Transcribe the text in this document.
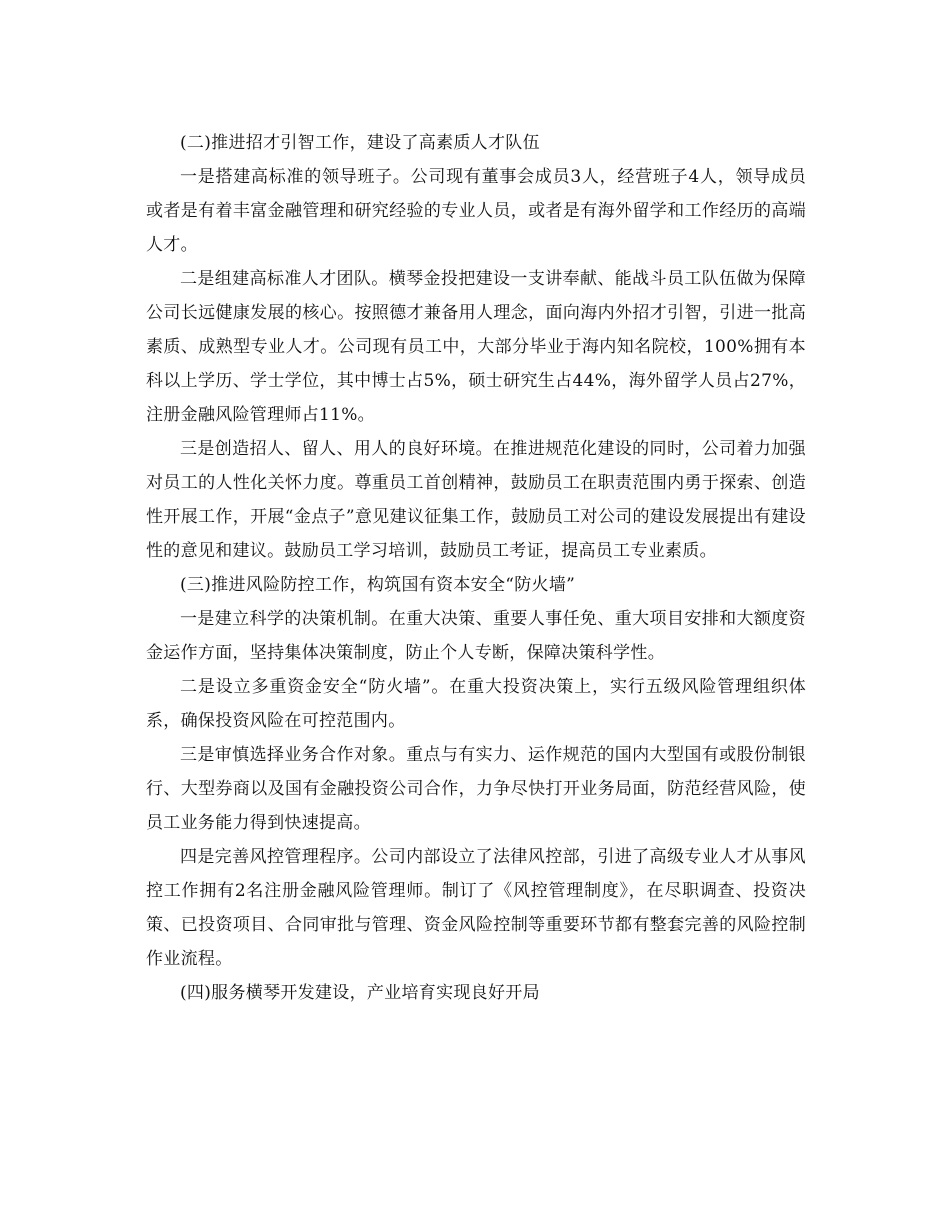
(二)推进招才引智工作，建设了高素质人才队伍

一是搭建高标准的领导班子。公司现有董事会成员3人，经营班子4人，领导成员或者是有着丰富金融管理和研究经验的专业人员，或者是有海外留学和工作经历的高端人才。

二是组建高标准人才团队。横琴金投把建设一支讲奉献、能战斗员工队伍做为保障公司长远健康发展的核心。按照德才兼备用人理念，面向海内外招才引智，引进一批高素质、成熟型专业人才。公司现有员工中，大部分毕业于海内知名院校，100%拥有本科以上学历、学士学位，其中博士占5%，硕士研究生占44%，海外留学人员占27%，注册金融风险管理师占11%。

三是创造招人、留人、用人的良好环境。在推进规范化建设的同时，公司着力加强对员工的人性化关怀力度。尊重员工首创精神，鼓励员工在职责范围内勇于探索、创造性开展工作，开展“金点子”意见建议征集工作，鼓励员工对公司的建设发展提出有建设性的意见和建议。鼓励员工学习培训，鼓励员工考证，提高员工专业素质。

(三)推进风险防控工作，构筑国有资本安全“防火墙”

一是建立科学的决策机制。在重大决策、重要人事任免、重大项目安排和大额度资金运作方面，坚持集体决策制度，防止个人专断，保障决策科学性。

二是设立多重资金安全“防火墙”。在重大投资决策上，实行五级风险管理组织体系，确保投资风险在可控范围内。

三是审慎选择业务合作对象。重点与有实力、运作规范的国内大型国有或股份制银行、大型券商以及国有金融投资公司合作，力争尽快打开业务局面，防范经营风险，使员工业务能力得到快速提高。

四是完善风控管理程序。公司内部设立了法律风控部，引进了高级专业人才从事风控工作拥有2名注册金融风险管理师。制订了《风控管理制度》，在尽职调查、投资决策、已投资项目、合同审批与管理、资金风险控制等重要环节都有整套完善的风险控制作业流程。

(四)服务横琴开发建设，产业培育实现良好开局
